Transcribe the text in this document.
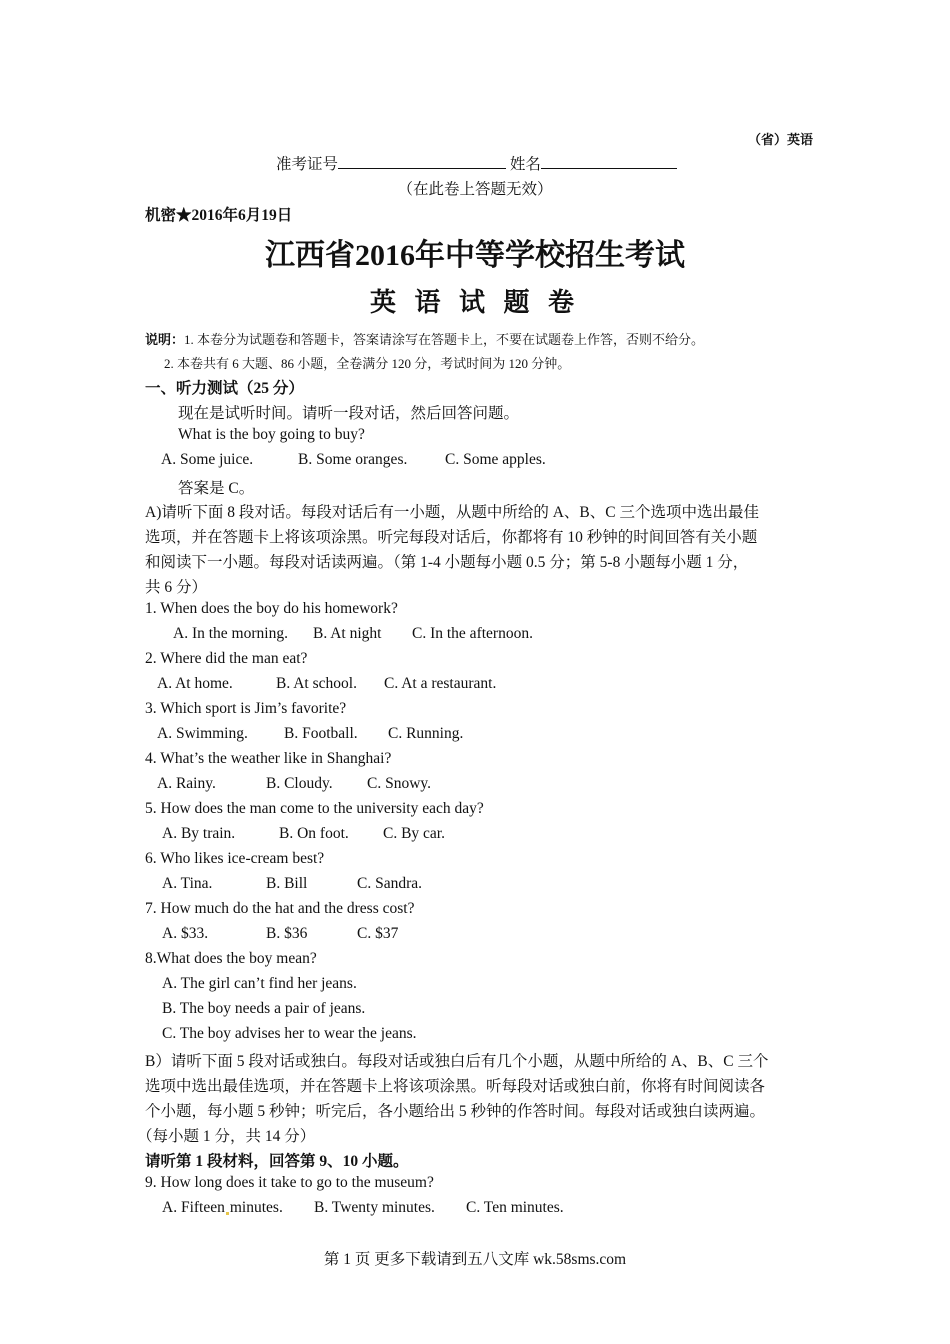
（省）英语
准考证号	姓名
（在此卷上答题无效）
机密★2016年6月19日
江西省2016年中等学校招生考试
英 语 试 题 卷
说明：1. 本卷分为试题卷和答题卡，答案请涂写在答题卡上，不要在试题卷上作答，否则不给分。
2. 本卷共有 6 大题、86 小题，全卷满分 120 分，考试时间为 120 分钟。
一、听力测试（25 分）
现在是试听时间。请听一段对话，然后回答问题。
What is the boy going to buy?
A. Some juice.	B. Some oranges. C. Some apples.
答案是 C。
A)请听下面 8 段对话。每段对话后有一小题，从题中所给的 A、B、C 三个选项中选出最佳
选项，并在答题卡上将该项涂黑。听完每段对话后，你都将有 10 秒钟的时间回答有关小题
和阅读下一小题。每段对话读两遍。（第 1-4 小题每小题 0.5 分；第 5-8 小题每小题 1 分，
共 6 分）
1. When does the boy do his homework?
A. In the morning. B. At night C. In the afternoon.
2. Where did the man eat?
A. At home.	B. At school. C. At a restaurant.
3. Which sport is Jim’s favorite?
A. Swimming. B. Football. C. Running.
4. What’s the weather like in Shanghai?
A. Rainy.	B. Cloudy. C. Snowy.
5. How does the man come to the university each day?
A. By train.	B. On foot. C. By car.
6. Who likes ice-cream best?
A. Tina.	B. Bill	C. Sandra.
7. How much do the hat and the dress cost?
A. $33.	B. $36	C. $37
8.What does the boy mean?
A. The girl can’t find her jeans.
B. The boy needs a pair of jeans.
C. The boy advises her to wear the jeans.
B）请听下面 5 段对话或独白。每段对话或独白后有几个小题，从题中所给的 A、B、C 三个
选项中选出最佳选项，并在答题卡上将该项涂黑。听每段对话或独白前，你将有时间阅读各
个小题，每小题 5 秒钟；听完后，各小题给出 5 秒钟的作答时间。每段对话或独白读两遍。
（每小题 1 分，共 14 分）
请听第 1 段材料，回答第 9、10 小题。
9. How long does it take to go to the museum?
A. Fifteen minutes. B. Twenty minutes. C. Ten minutes.
第 1 页 更多下载请到五八文库 wk.58sms.com
